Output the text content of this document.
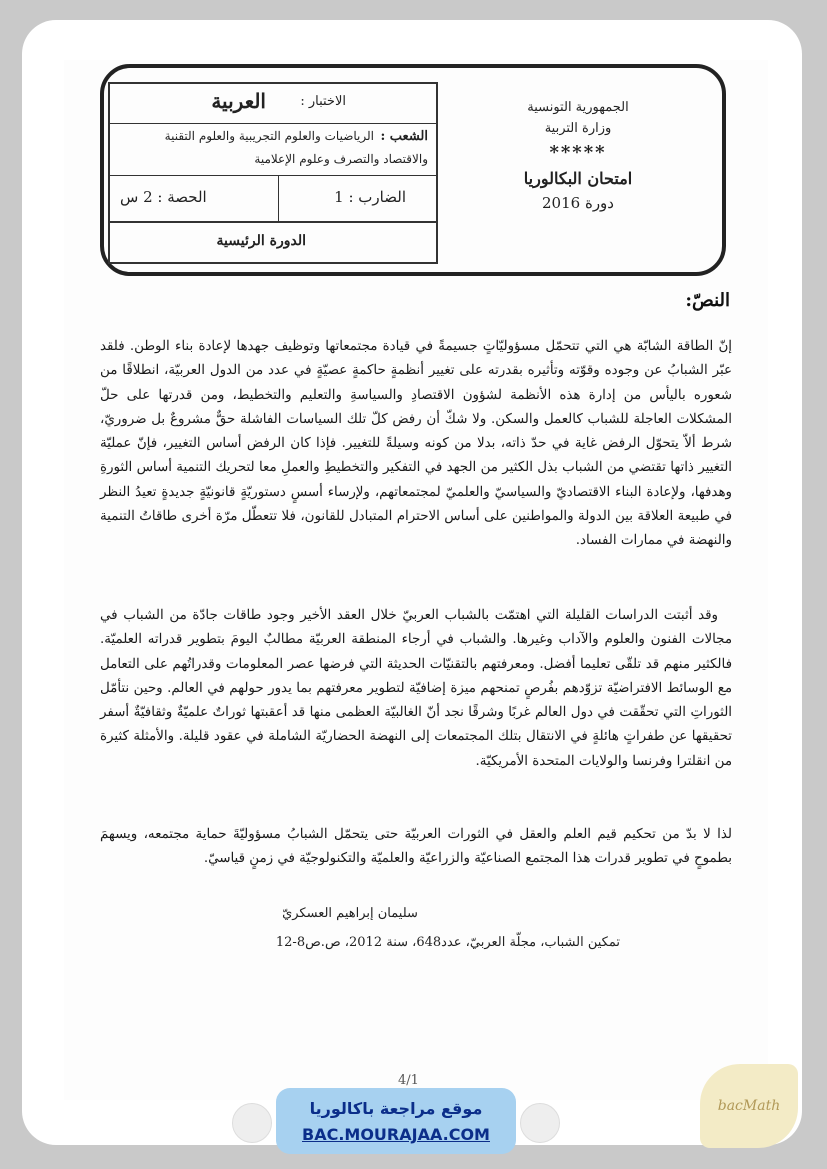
الاختبار :
العربية
الشعب :
الرياضيات والعلوم التجريبية والعلوم التقنية
والاقتصاد والتصرف وعلوم الإعلامية
الضارب : 1
الحصة : 2 س
الدورة الرئيسية
الجمهورية التونسية
وزارة التربية
*****
امتحان البكالوريا
دورة 2016
النصّ:

إنّ الطاقة الشابّة هي التي تتحمّل مسؤوليّاتٍ جسيمةً في قيادة مجتمعاتها وتوظيف جهدها لإعادة بناء الوطن. فلقد عبّر الشبابُ عن وجوده وقوّته وتأثيره بقدرته على تغيير أنظمةٍ حاكمةٍ عصيّةٍ في عدد من الدول العربيّة، انطلاقًا من شعوره باليأس من إدارة هذه الأنظمة لشؤون الاقتصادِ والسياسةِ والتعليم والتخطيط، ومن قدرتها على حلّ المشكلات العاجلة للشباب كالعمل والسكن. ولا شكّ أن رفض كلّ تلك السياسات الفاشلة حقٌّ مشروعٌ بل ضروريّ، شرط ألاّ يتحوّل الرفض غاية في حدّ ذاته، بدلا من كونه وسيلةً للتغيير. فإذا كان الرفض أساس التغيير، فإنّ عمليّة التغيير ذاتها تقتضي من الشباب بذل الكثير من الجهد في التفكير والتخطيطِ والعملِ معا لتحريك التنمية أساس الثورةِ وهدفها، ولإعادة البناء الاقتصاديّ والسياسيّ والعلميّ لمجتمعاتهم، ولإرساء أسسٍ دستوريّةٍ قانونيّةٍ جديدةٍ تعيدُ النظر في طبيعة العلاقة بين الدولة والمواطنين على أساس الاحترام المتبادل للقانون، فلا تتعطّل مرّة أخرى طاقاتُ التنمية والنهضة في ممارات الفساد.

وقد أثبتت الدراسات القليلة التي اهتمّت بالشباب العربيّ خلال العقد الأخير وجود طاقات جادّة من الشباب في مجالات الفنون والعلوم والآداب وغيرها. والشباب في أرجاء المنطقة العربيّة مطالبٌ اليومَ بتطوير قدراته العلميّة. فالكثير منهم قد تلقّى تعليما أفضل. ومعرفتهم بالتقنيّات الحديثة التي فرضها عصر المعلومات وقدراتُهم على التعامل مع الوسائط الافتراضيّة تزوّدهم بفُرصٍ تمنحهم ميزة إضافيّة لتطوير معرفتهم بما يدور حولهم في العالم. وحين نتأمّل الثوراتِ التي تحقّقت في دول العالم غربًا وشرقًا نجد أنّ الغالبيّة العظمى منها قد أعقبتها ثوراتٌ علميّةٌ وثقافيّةٌ أسفر تحقيقها عن طفراتٍ هائلةٍ في الانتقال بتلك المجتمعات إلى النهضة الحضاريّة الشاملة في عقود قليلة. والأمثلة كثيرة من انقلترا وفرنسا والولايات المتحدة الأمريكيّة.

لذا لا بدّ من تحكيم قيم العلم والعقل في الثورات العربيّة حتى يتحمّل الشبابُ مسؤوليّةَ حماية مجتمعه، ويسهمَ بطموحٍ في تطوير قدرات هذا المجتمع الصناعيّة والزراعيّة والعلميّة والتكنولوجيّة في زمنٍ قياسيّ.

سليمان إبراهيم العسكريّ
تمكين الشباب، مجلّة العربيّ، عدد648، سنة 2012، ص.ص8-12
4/1
موقع مراجعة باكالوريا
BAC.MOURAJAA.COM
bacMath
